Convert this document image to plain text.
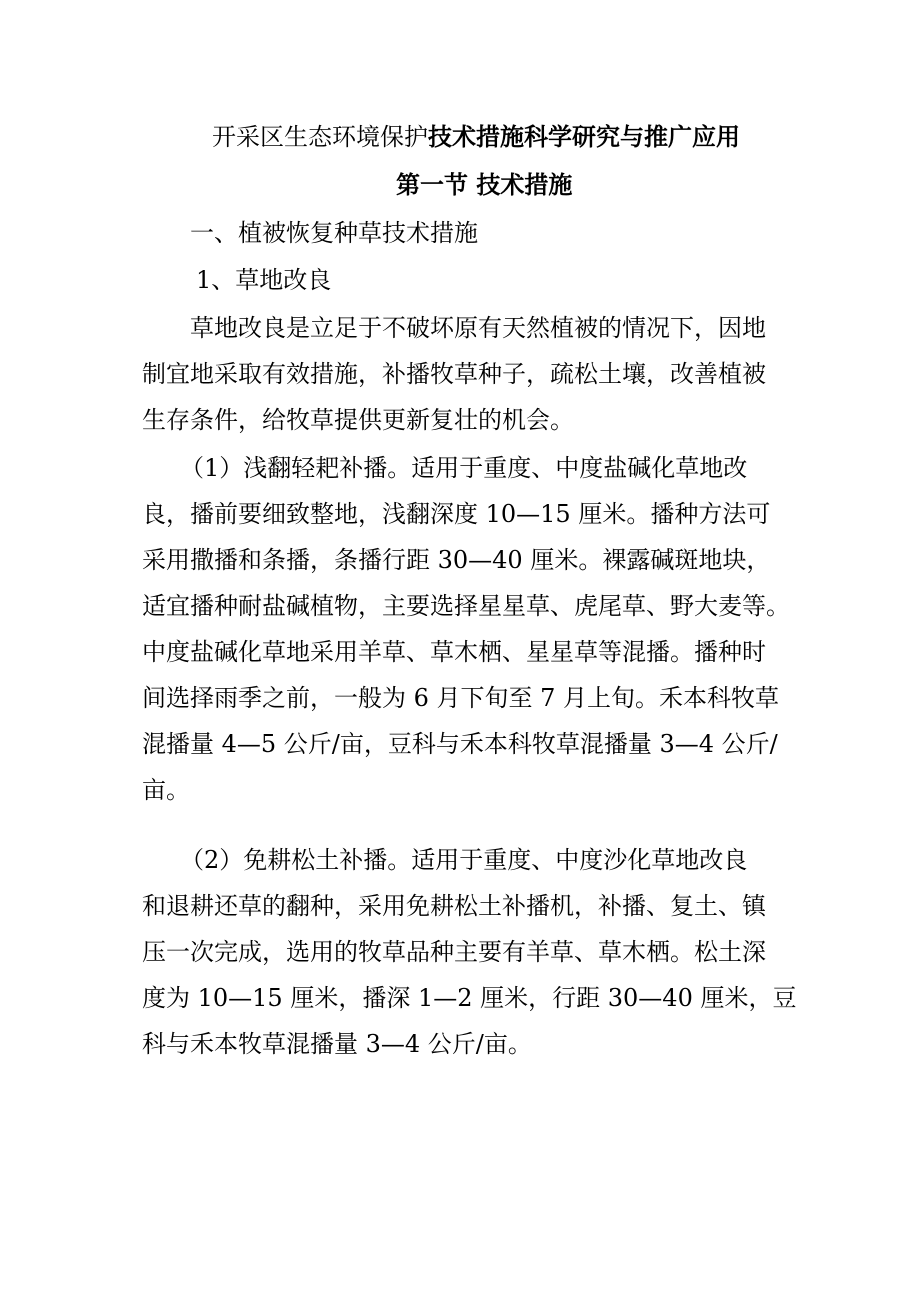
开采区生态环境保护技术措施科学研究与推广应用
第一节 技术措施
一、植被恢复种草技术措施
1、草地改良
草地改良是立足于不破坏原有天然植被的情况下，因地
制宜地采取有效措施，补播牧草种子，疏松土壤，改善植被
生存条件，给牧草提供更新复壮的机会。
（1）浅翻轻耙补播。适用于重度、中度盐碱化草地改
良，播前要细致整地，浅翻深度 10—15 厘米。播种方法可
采用撒播和条播，条播行距 30—40 厘米。裸露碱斑地块，
适宜播种耐盐碱植物，主要选择星星草、虎尾草、野大麦等。
中度盐碱化草地采用羊草、草木栖、星星草等混播。播种时
间选择雨季之前，一般为 6 月下旬至 7 月上旬。禾本科牧草
混播量 4—5 公斤/亩，豆科与禾本科牧草混播量 3—4 公斤/
亩。
（2）免耕松土补播。适用于重度、中度沙化草地改良
和退耕还草的翻种，采用免耕松土补播机，补播、复土、镇
压一次完成，选用的牧草品种主要有羊草、草木栖。松土深
度为 10—15 厘米，播深 1—2 厘米，行距 30—40 厘米，豆
科与禾本牧草混播量 3—4 公斤/亩。
